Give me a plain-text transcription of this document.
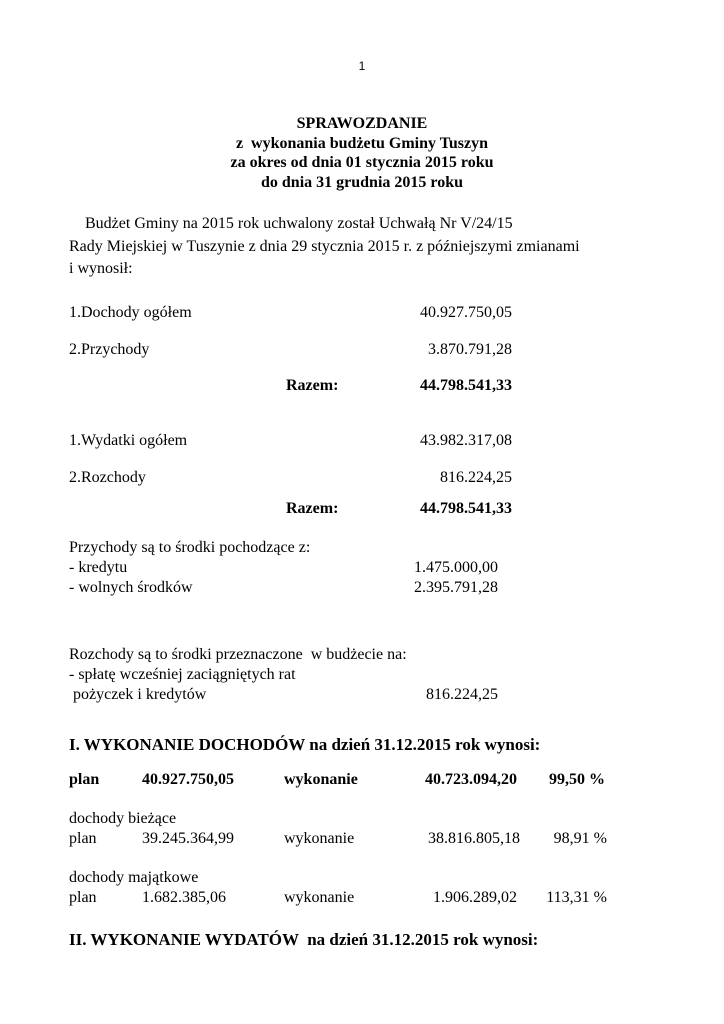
1
SPRAWOZDANIE
z  wykonania budżetu Gminy Tuszyn
za okres od dnia 01 stycznia 2015 roku
do dnia 31 grudnia 2015 roku
Budżet Gminy na 2015 rok uchwalony został Uchwałą Nr V/24/15
Rady Miejskiej w Tuszynie z dnia 29 stycznia 2015 r. z późniejszymi zmianami
i wynosił:
1.Dochody ogółem	40.927.750,05
2.Przychody	3.870.791,28
Razem:	44.798.541,33
1.Wydatki ogółem	43.982.317,08
2.Rozchody	816.224,25
Razem:	44.798.541,33
Przychody są to środki pochodzące z:
- kredytu	1.475.000,00
- wolnych środków	2.395.791,28
Rozchody są to środki przeznaczone  w budżecie na:
- spłatę wcześniej zaciągniętych rat
pożyczek i kredytów	816.224,25
I. WYKONANIE DOCHODÓW na dzień 31.12.2015 rok wynosi:
plan	40.927.750,05	wykonanie	40.723.094,20	99,50 %
dochody bieżące
plan	39.245.364,99	wykonanie	38.816.805,18	98,91 %
dochody majątkowe
plan	1.682.385,06	wykonanie	1.906.289,02	113,31 %
II. WYKONANIE WYDATÓW  na dzień 31.12.2015 rok wynosi:
